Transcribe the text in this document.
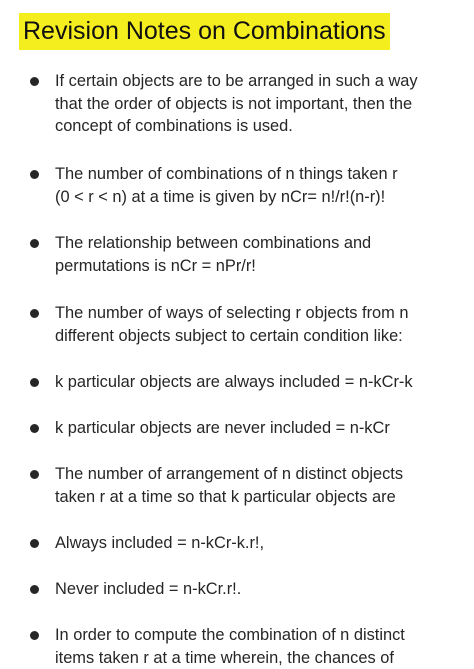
Revision Notes on Combinations
If certain objects are to be arranged in such a way
that the order of objects is not important, then the
concept of combinations is used.
The number of combinations of n things taken r
(0 < r < n) at a time is given by nCr= n!/r!(n-r)!
The relationship between combinations and
permutations is nCr = nPr/r!
The number of ways of selecting r objects from n
different objects subject to certain condition like:
k particular objects are always included = n-kCr-k
k particular objects are never included = n-kCr
The number of arrangement of n distinct objects
taken r at a time so that k particular objects are
Always included = n-kCr-k.r!,
Never included = n-kCr.r!.
In order to compute the combination of n distinct
items taken r at a time wherein, the chances of
